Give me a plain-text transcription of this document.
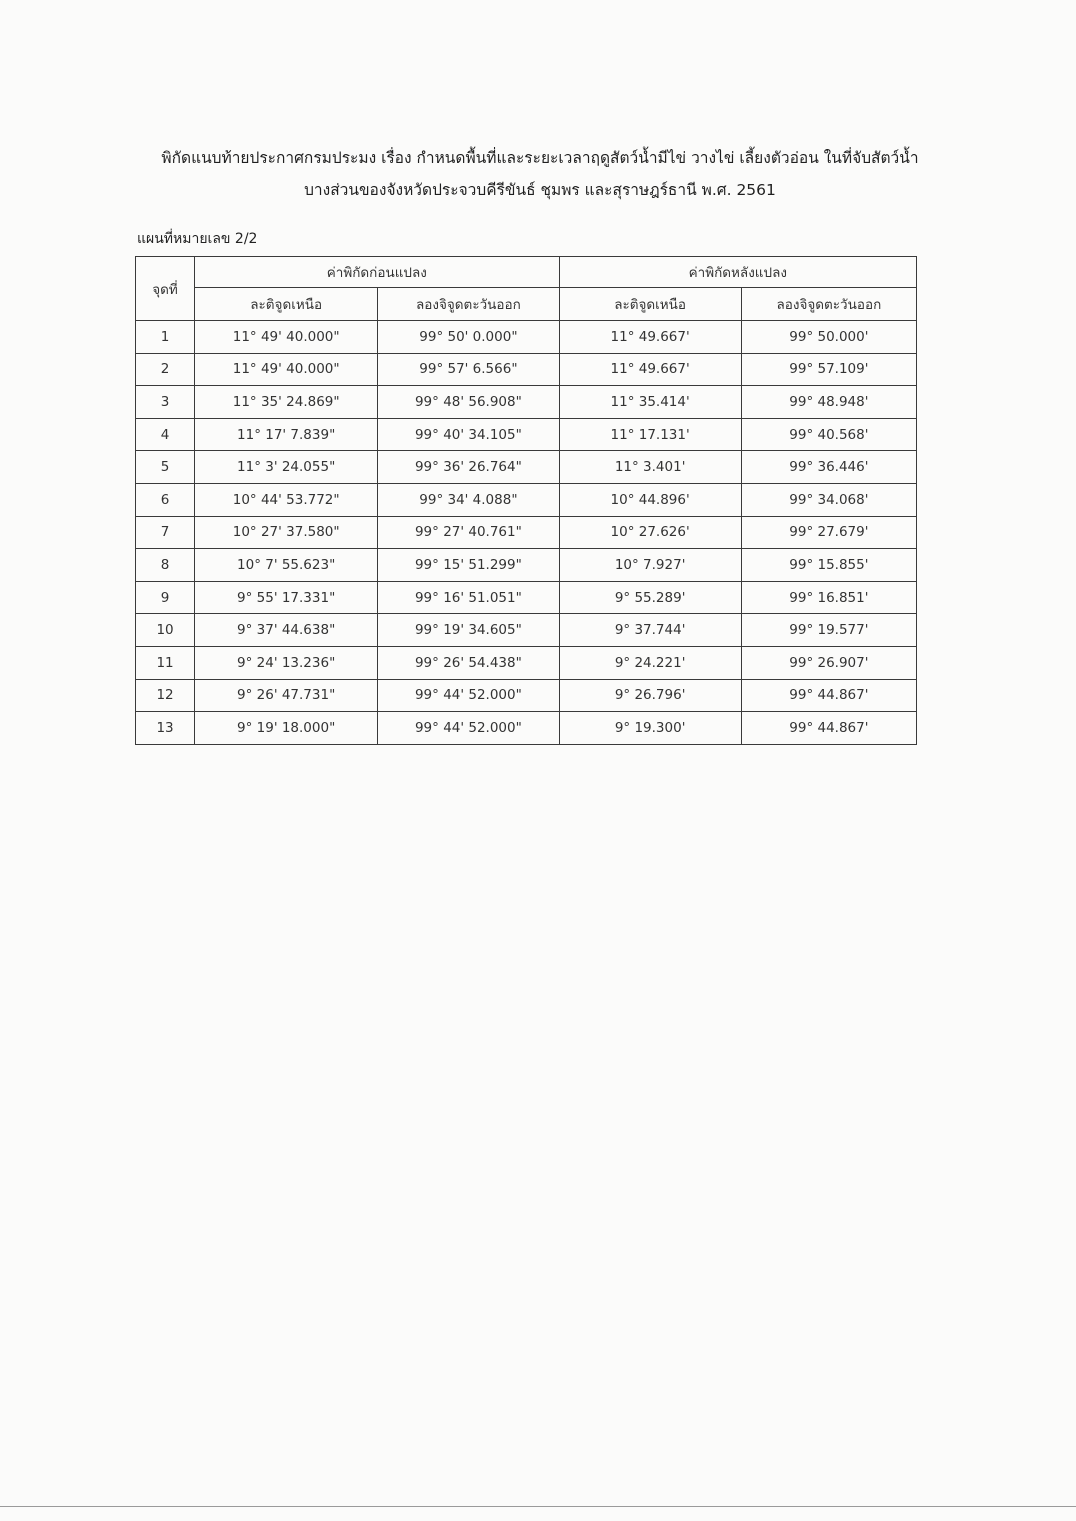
พิกัดแนบท้ายประกาศกรมประมง เรื่อง กำหนดพื้นที่และระยะเวลาฤดูสัตว์น้ำมีไข่ วางไข่ เลี้ยงตัวอ่อน ในที่จับสัตว์น้ำ
บางส่วนของจังหวัดประจวบคีรีขันธ์ ชุมพร และสุราษฎร์ธานี พ.ศ. 2561
แผนที่หมายเลข 2/2
จุดที่	ค่าพิกัดก่อนแปลง		ค่าพิกัดหลังแปลง	
	ละติจูดเหนือ	ลองจิจูดตะวันออก	ละติจูดเหนือ	ลองจิจูดตะวันออก
1	11° 49' 40.000"	99° 50' 0.000"	11° 49.667'	99° 50.000'
2	11° 49' 40.000"	99° 57' 6.566"	11° 49.667'	99° 57.109'
3	11° 35' 24.869"	99° 48' 56.908"	11° 35.414'	99° 48.948'
4	11° 17' 7.839"	99° 40' 34.105"	11° 17.131'	99° 40.568'
5	11° 3' 24.055"	99° 36' 26.764"	11° 3.401'	99° 36.446'
6	10° 44' 53.772"	99° 34' 4.088"	10° 44.896'	99° 34.068'
7	10° 27' 37.580"	99° 27' 40.761"	10° 27.626'	99° 27.679'
8	10° 7' 55.623"	99° 15' 51.299"	10° 7.927'	99° 15.855'
9	9° 55' 17.331"	99° 16' 51.051"	9° 55.289'	99° 16.851'
10	9° 37' 44.638"	99° 19' 34.605"	9° 37.744'	99° 19.577'
11	9° 24' 13.236"	99° 26' 54.438"	9° 24.221'	99° 26.907'
12	9° 26' 47.731"	99° 44' 52.000"	9° 26.796'	99° 44.867'
13	9° 19' 18.000"	99° 44' 52.000"	9° 19.300'	99° 44.867'
